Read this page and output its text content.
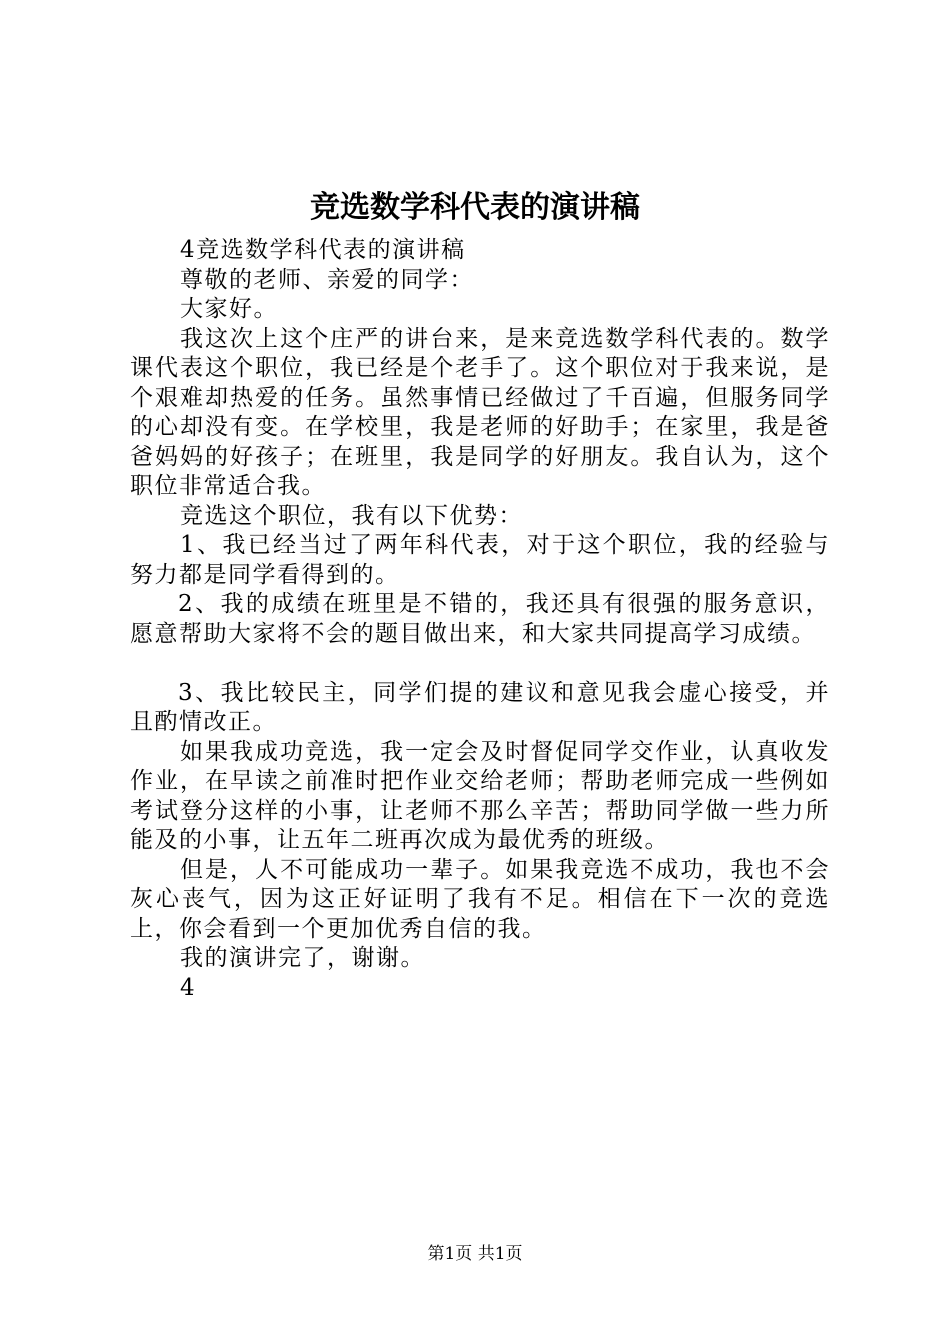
竞选数学科代表的演讲稿

4竞选数学科代表的演讲稿

尊敬的老师、亲爱的同学：

大家好。

我这次上这个庄严的讲台来，是来竞选数学科代表的。数学课代表这个职位，我已经是个老手了。这个职位对于我来说，是个艰难却热爱的任务。虽然事情已经做过了千百遍，但服务同学的心却没有变。在学校里，我是老师的好助手；在家里，我是爸爸妈妈的好孩子；在班里，我是同学的好朋友。我自认为，这个职位非常适合我。

竞选这个职位，我有以下优势：

1、我已经当过了两年科代表，对于这个职位，我的经验与努力都是同学看得到的。

2、我的成绩在班里是不错的，我还具有很强的服务意识，愿意帮助大家将不会的题目做出来，和大家共同提高学习成绩。

3、我比较民主，同学们提的建议和意见我会虚心接受，并且酌情改正。

如果我成功竞选，我一定会及时督促同学交作业，认真收发作业，在早读之前准时把作业交给老师；帮助老师完成一些例如考试登分这样的小事，让老师不那么辛苦；帮助同学做一些力所能及的小事，让五年二班再次成为最优秀的班级。

但是，人不可能成功一辈子。如果我竞选不成功，我也不会灰心丧气，因为这正好证明了我有不足。相信在下一次的竞选上，你会看到一个更加优秀自信的我。

我的演讲完了，谢谢。

4

第1页 共1页
